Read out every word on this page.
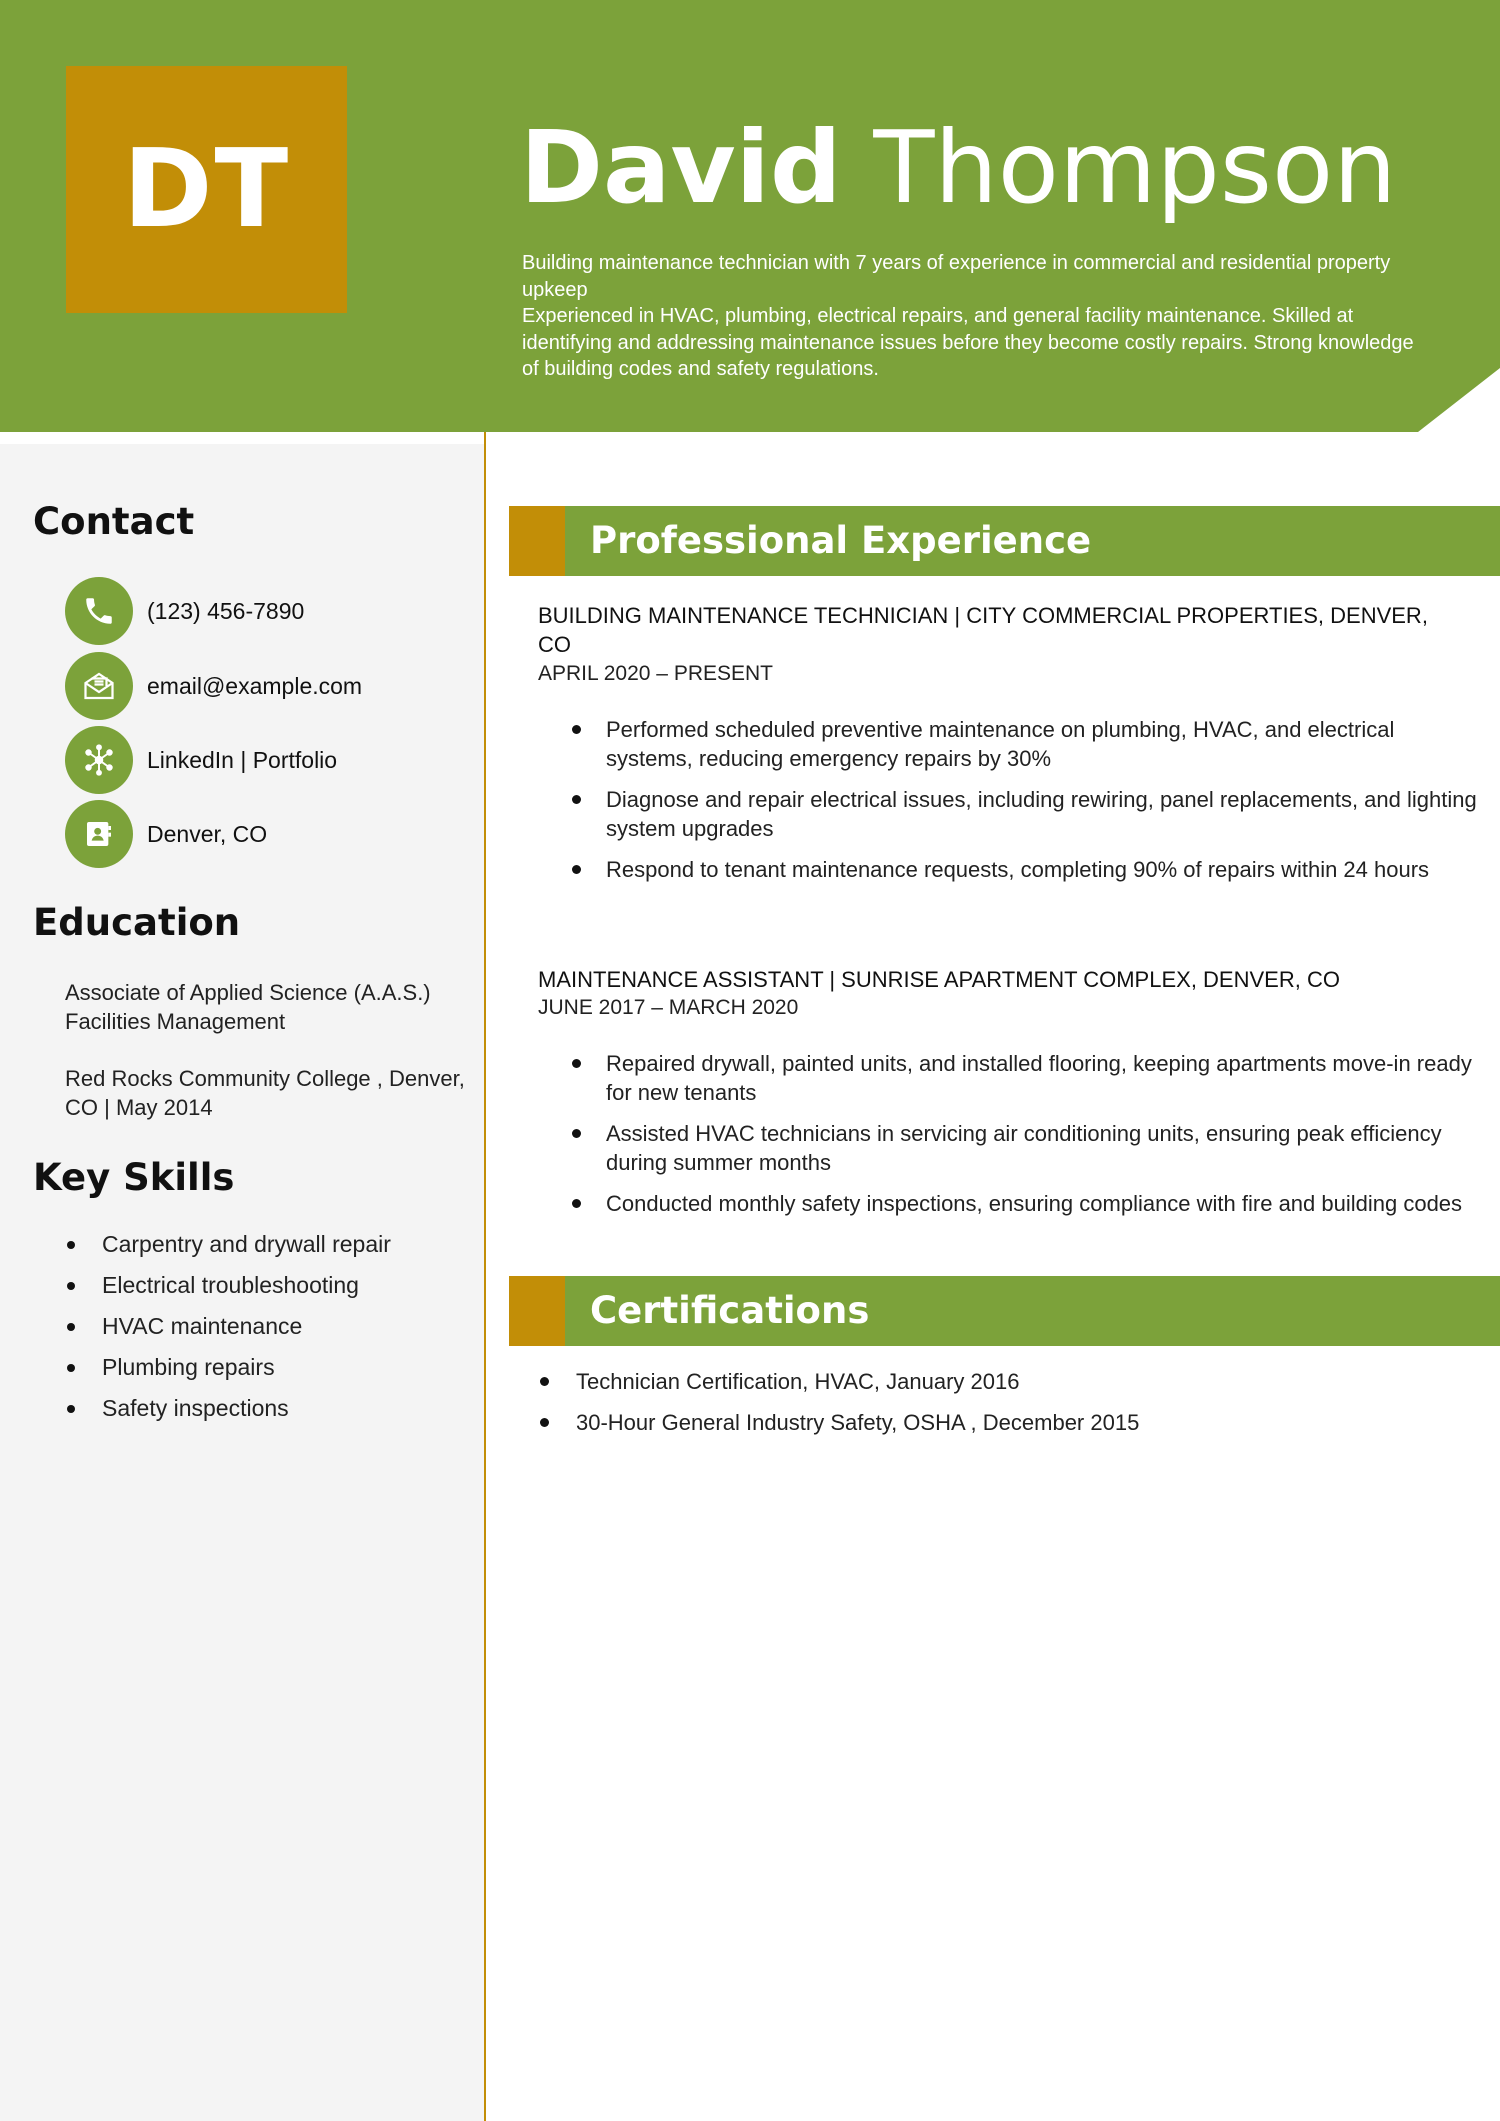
DT David Thompson
Building maintenance technician with 7 years of experience in commercial and residential property upkeep
Experienced in HVAC, plumbing, electrical repairs, and general facility maintenance. Skilled at identifying and addressing maintenance issues before they become costly repairs. Strong knowledge of building codes and safety regulations.
Contact
(123) 456-7890
email@example.com
LinkedIn | Portfolio
Denver, CO
Education
Associate of Applied Science (A.A.S.) Facilities Management
Red Rocks Community College , Denver, CO | May 2014
Key Skills
Carpentry and drywall repair
Electrical troubleshooting
HVAC maintenance
Plumbing repairs
Safety inspections
Professional Experience
BUILDING MAINTENANCE TECHNICIAN | CITY COMMERCIAL PROPERTIES, DENVER, CO
APRIL 2020 – PRESENT
Performed scheduled preventive maintenance on plumbing, HVAC, and electrical systems, reducing emergency repairs by 30%
Diagnose and repair electrical issues, including rewiring, panel replacements, and lighting system upgrades
Respond to tenant maintenance requests, completing 90% of repairs within 24 hours
MAINTENANCE ASSISTANT | SUNRISE APARTMENT COMPLEX, DENVER, CO
JUNE 2017 – MARCH 2020
Repaired drywall, painted units, and installed flooring, keeping apartments move-in ready for new tenants
Assisted HVAC technicians in servicing air conditioning units, ensuring peak efficiency during summer months
Conducted monthly safety inspections, ensuring compliance with fire and building codes
Certifications
Technician Certification, HVAC, January 2016
30-Hour General Industry Safety, OSHA , December 2015
